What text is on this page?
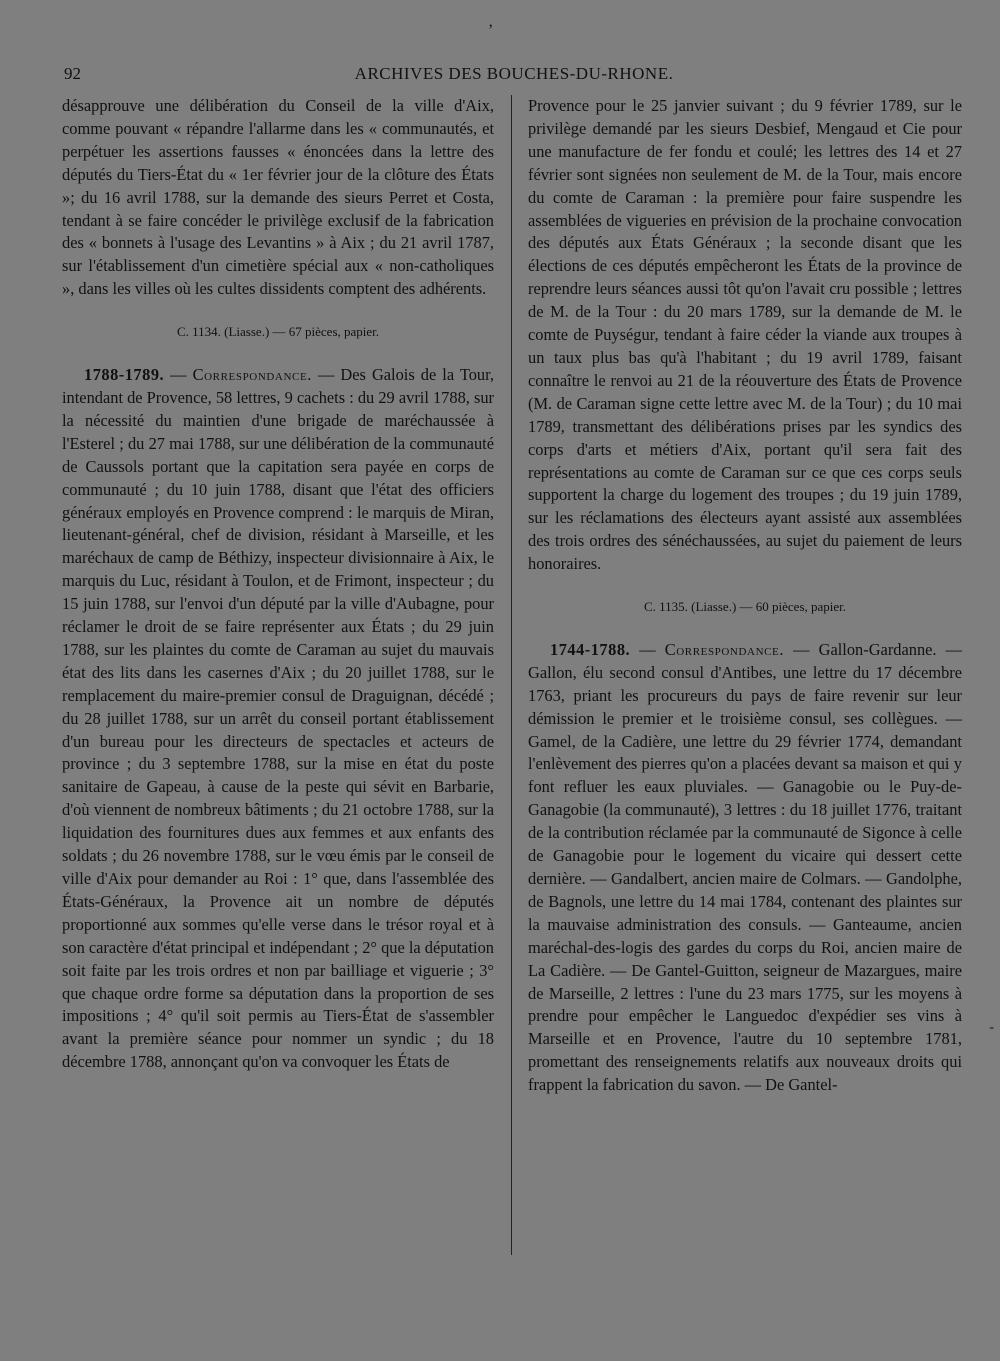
’
92	ARCHIVES DES BOUCHES-DU-RHONE.

désapprouve une délibération du Conseil de la ville d'Aix, comme pouvant « répandre l'allarme dans les « communautés, et perpétuer les assertions fausses « énoncées dans la lettre des députés du Tiers-État du « 1er février jour de la clôture des États »; du 16 avril 1788, sur la demande des sieurs Perret et Costa, tendant à se faire concéder le privilège exclusif de la fabrication des « bonnets à l'usage des Levantins » à Aix ; du 21 avril 1787, sur l'établissement d'un cimetière spécial aux « non-catholiques », dans les villes où les cultes dissidents comptent des adhérents.

C. 1134. (Liasse.) — 67 pièces, papier.

1788-1789. — Correspondance. — Des Galois de la Tour, intendant de Provence, 58 lettres, 9 cachets : du 29 avril 1788, sur la nécessité du maintien d'une brigade de maréchaussée à l'Esterel ; du 27 mai 1788, sur une délibération de la communauté de Caussols portant que la capitation sera payée en corps de communauté ; du 10 juin 1788, disant que l'état des officiers généraux employés en Provence comprend : le marquis de Miran, lieutenant-général, chef de division, résidant à Marseille, et les maréchaux de camp de Béthizy, inspecteur divisionnaire à Aix, le marquis du Luc, résidant à Toulon, et de Frimont, inspecteur ; du 15 juin 1788, sur l'envoi d'un député par la ville d'Aubagne, pour réclamer le droit de se faire représenter aux États ; du 29 juin 1788, sur les plaintes du comte de Caraman au sujet du mauvais état des lits dans les casernes d'Aix ; du 20 juillet 1788, sur le remplacement du maire-premier consul de Draguignan, décédé ; du 28 juillet 1788, sur un arrêt du conseil portant établissement d'un bureau pour les directeurs de spectacles et acteurs de province ; du 3 septembre 1788, sur la mise en état du poste sanitaire de Gapeau, à cause de la peste qui sévit en Barbarie, d'où viennent de nombreux bâtiments ; du 21 octobre 1788, sur la liquidation des fournitures dues aux femmes et aux enfants des soldats ; du 26 novembre 1788, sur le vœu émis par le conseil de ville d'Aix pour demander au Roi : 1° que, dans l'assemblée des États-Généraux, la Provence ait un nombre de députés proportionné aux sommes qu'elle verse dans le trésor royal et à son caractère d'état principal et indépendant ; 2° que la députation soit faite par les trois ordres et non par bailliage et viguerie ; 3° que chaque ordre forme sa députation dans la proportion de ses impositions ; 4° qu'il soit permis au Tiers-État de s'assembler avant la première séance pour nommer un syndic ; du 18 décembre 1788, annonçant qu'on va convoquer les États de

Provence pour le 25 janvier suivant ; du 9 février 1789, sur le privilège demandé par les sieurs Desbief, Mengaud et Cie pour une manufacture de fer fondu et coulé; les lettres des 14 et 27 février sont signées non seulement de M. de la Tour, mais encore du comte de Caraman : la première pour faire suspendre les assemblées de vigueries en prévision de la prochaine convocation des députés aux États Généraux ; la seconde disant que les élections de ces députés empêcheront les États de la province de reprendre leurs séances aussi tôt qu'on l'avait cru possible ; lettres de M. de la Tour : du 20 mars 1789, sur la demande de M. le comte de Puységur, tendant à faire céder la viande aux troupes à un taux plus bas qu'à l'habitant ; du 19 avril 1789, faisant connaître le renvoi au 21 de la réouverture des États de Provence (M. de Caraman signe cette lettre avec M. de la Tour) ; du 10 mai 1789, transmettant des délibérations prises par les syndics des corps d'arts et métiers d'Aix, portant qu'il sera fait des représentations au comte de Caraman sur ce que ces corps seuls supportent la charge du logement des troupes ; du 19 juin 1789, sur les réclamations des électeurs ayant assisté aux assemblées des trois ordres des sénéchaussées, au sujet du paiement de leurs honoraires.

C. 1135. (Liasse.) — 60 pièces, papier.

1744-1788. — Correspondance. — Gallon-Gardanne. — Gallon, élu second consul d'Antibes, une lettre du 17 décembre 1763, priant les procureurs du pays de faire revenir sur leur démission le premier et le troisième consul, ses collègues. — Gamel, de la Cadière, une lettre du 29 février 1774, demandant l'enlèvement des pierres qu'on a placées devant sa maison et qui y font refluer les eaux pluviales. — Ganagobie ou le Puy-de-Ganagobie (la communauté), 3 lettres : du 18 juillet 1776, traitant de la contribution réclamée par la communauté de Sigonce à celle de Ganagobie pour le logement du vicaire qui dessert cette dernière. — Gandalbert, ancien maire de Colmars. — Gandolphe, de Bagnols, une lettre du 14 mai 1784, contenant des plaintes sur la mauvaise administration des consuls. — Ganteaume, ancien maréchal-des-logis des gardes du corps du Roi, ancien maire de La Cadière. — De Gantel-Guitton, seigneur de Mazargues, maire de Marseille, 2 lettres : l'une du 23 mars 1775, sur les moyens à prendre pour empêcher le Languedoc d'expédier ses vins à Marseille et en Provence, l'autre du 10 septembre 1781, promettant des renseignements relatifs aux nouveaux droits qui frappent la fabrication du savon. — De Gantel-

-
